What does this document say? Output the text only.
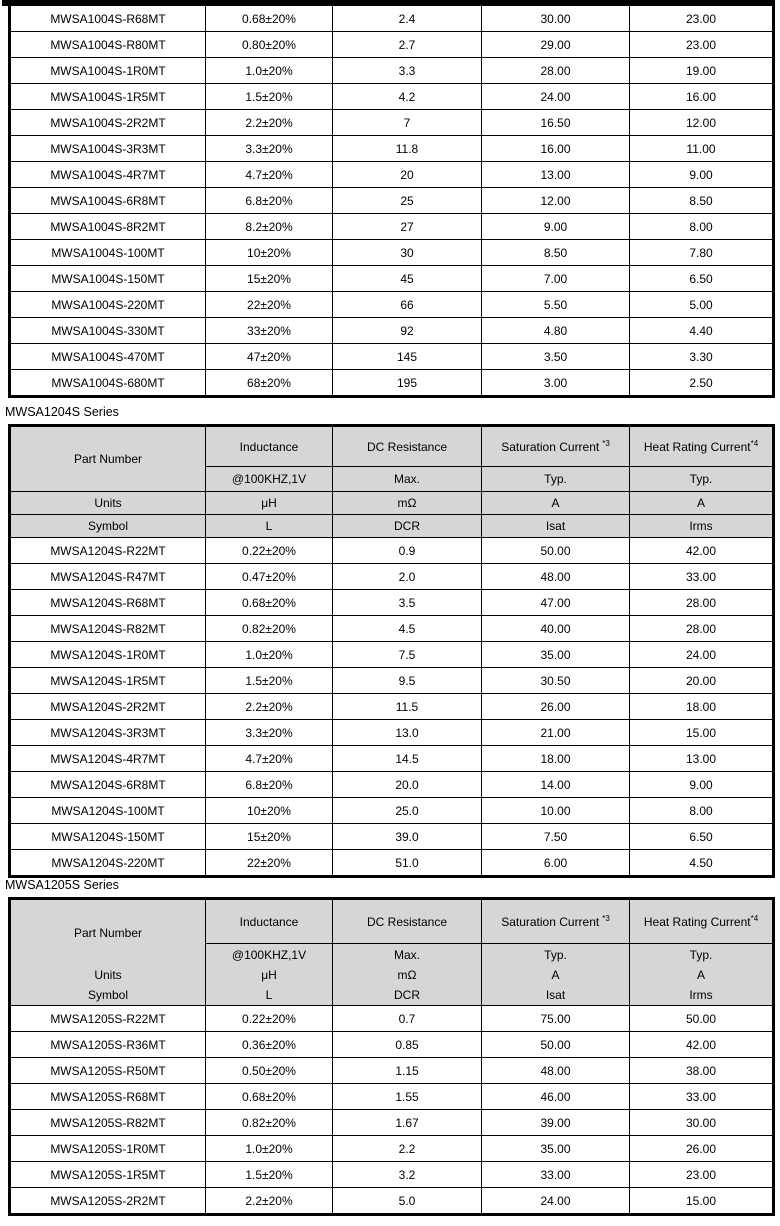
MWSA1004S-R68MT	0.68±20%	2.4	30.00	23.00
MWSA1004S-R80MT	0.80±20%	2.7	29.00	23.00
MWSA1004S-1R0MT	1.0±20%	3.3	28.00	19.00
MWSA1004S-1R5MT	1.5±20%	4.2	24.00	16.00
MWSA1004S-2R2MT	2.2±20%	7	16.50	12.00
MWSA1004S-3R3MT	3.3±20%	11.8	16.00	11.00
MWSA1004S-4R7MT	4.7±20%	20	13.00	9.00
MWSA1004S-6R8MT	6.8±20%	25	12.00	8.50
MWSA1004S-8R2MT	8.2±20%	27	9.00	8.00
MWSA1004S-100MT	10±20%	30	8.50	7.80
MWSA1004S-150MT	15±20%	45	7.00	6.50
MWSA1004S-220MT	22±20%	66	5.50	5.00
MWSA1004S-330MT	33±20%	92	4.80	4.40
MWSA1004S-470MT	47±20%	145	3.50	3.30
MWSA1004S-680MT	68±20%	195	3.00	2.50
MWSA1204S Series
Part Number	Inductance	DC Resistance	Saturation Current $^{*3}$	Heat Rating Current$^{*4}$
	@100KHZ,1V	Max.	Typ.	Typ.
Units	μH	mΩ	A	A
Symbol	L	DCR	Isat	Irms
MWSA1204S-R22MT	0.22±20%	0.9	50.00	42.00
MWSA1204S-R47MT	0.47±20%	2.0	48.00	33.00
MWSA1204S-R68MT	0.68±20%	3.5	47.00	28.00
MWSA1204S-R82MT	0.82±20%	4.5	40.00	28.00
MWSA1204S-1R0MT	1.0±20%	7.5	35.00	24.00
MWSA1204S-1R5MT	1.5±20%	9.5	30.50	20.00
MWSA1204S-2R2MT	2.2±20%	11.5	26.00	18.00
MWSA1204S-3R3MT	3.3±20%	13.0	21.00	15.00
MWSA1204S-4R7MT	4.7±20%	14.5	18.00	13.00
MWSA1204S-6R8MT	6.8±20%	20.0	14.00	9.00
MWSA1204S-100MT	10±20%	25.0	10.00	8.00
MWSA1204S-150MT	15±20%	39.0	7.50	6.50
MWSA1204S-220MT	22±20%	51.0	6.00	4.50
MWSA1205S Series
Part Number	Inductance	DC Resistance	Saturation Current $^{*3}$	Heat Rating Current$^{*4}$
	@100KHZ,1V	Max.	Typ.	Typ.
Units	μH	mΩ	A	A
Symbol	L	DCR	Isat	Irms
MWSA1205S-R22MT	0.22±20%	0.7	75.00	50.00
MWSA1205S-R36MT	0.36±20%	0.85	50.00	42.00
MWSA1205S-R50MT	0.50±20%	1.15	48.00	38.00
MWSA1205S-R68MT	0.68±20%	1.55	46.00	33.00
MWSA1205S-R82MT	0.82±20%	1.67	39.00	30.00
MWSA1205S-1R0MT	1.0±20%	2.2	35.00	26.00
MWSA1205S-1R5MT	1.5±20%	3.2	33.00	23.00
MWSA1205S-2R2MT	2.2±20%	5.0	24.00	15.00
